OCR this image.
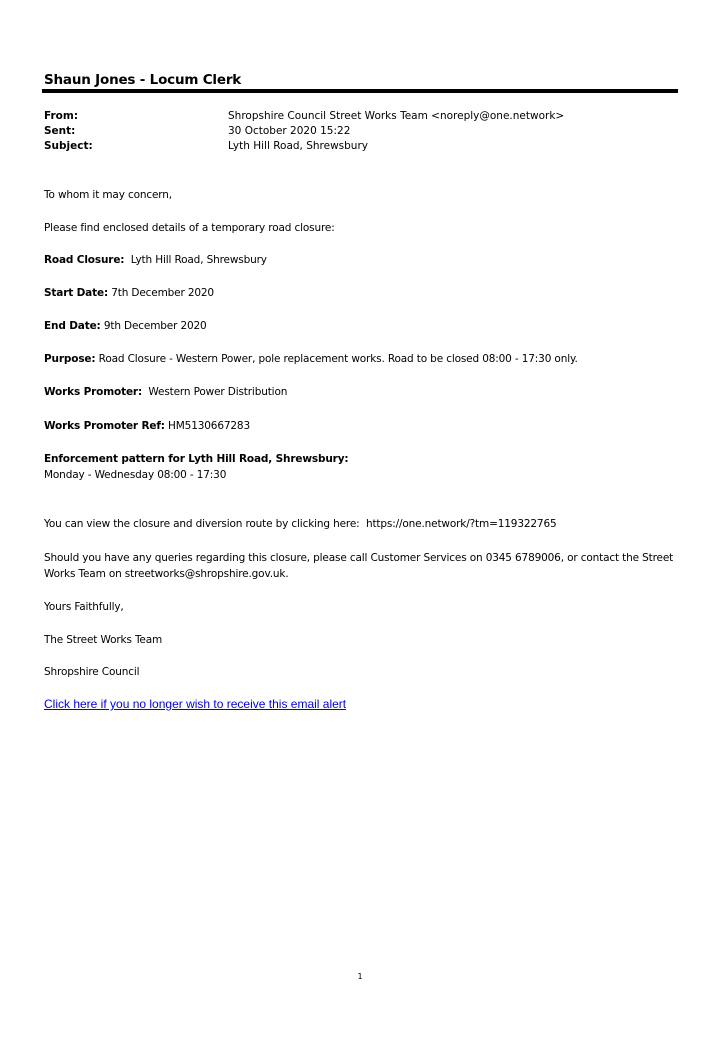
Shaun Jones - Locum Clerk
From:	Shropshire Council Street Works Team <noreply@one.network>
Sent:	30 October 2020 15:22
Subject:	Lyth Hill Road, Shrewsbury
To whom it may concern,
Please find enclosed details of a temporary road closure:
Road Closure: Lyth Hill Road, Shrewsbury
Start Date: 7th December 2020
End Date: 9th December 2020
Purpose: Road Closure - Western Power, pole replacement works. Road to be closed 08:00 - 17:30 only.
Works Promoter: Western Power Distribution
Works Promoter Ref: HM5130667283
Enforcement pattern for Lyth Hill Road, Shrewsbury:
Monday - Wednesday 08:00 - 17:30
You can view the closure and diversion route by clicking here: https://one.network/?tm=119322765
Should you have any queries regarding this closure, please call Customer Services on 0345 6789006, or contact the Street Works Team on streetworks@shropshire.gov.uk.
Yours Faithfully,
The Street Works Team
Shropshire Council
Click here if you no longer wish to receive this email alert
1
